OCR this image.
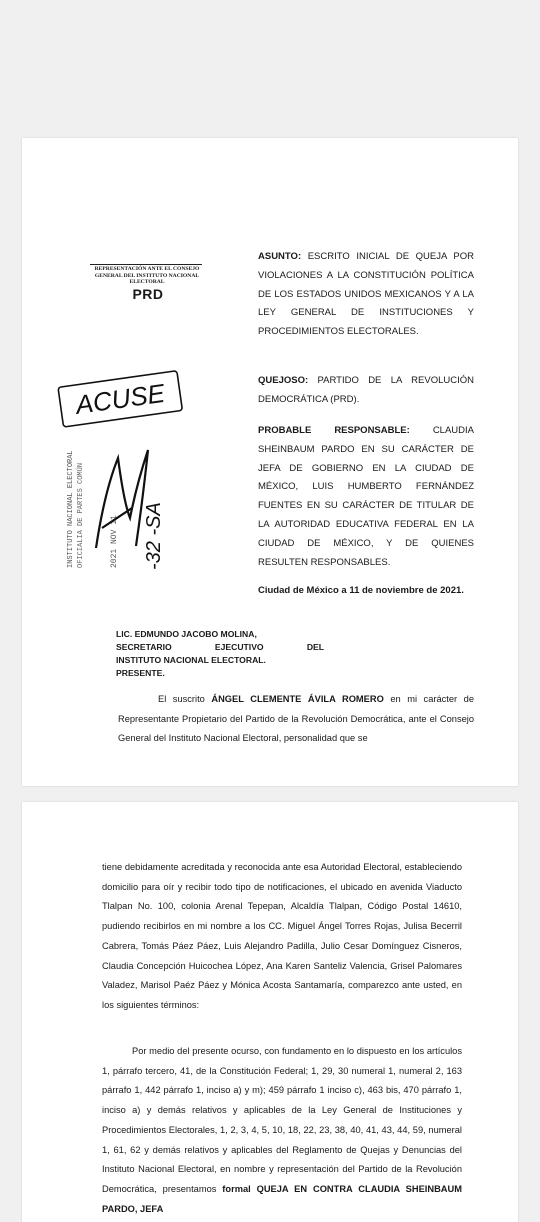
REPRESENTACIÓN ANTE EL CONSEJO GENERAL DEL INSTITUTO NACIONAL ELECTORAL
PRD
ACUSE
INSTITUTO NACIONAL ELECTORAL OFICIALIA DE PARTES COMÚN	2021 NOV 11 -32 -SA
ASUNTO: ESCRITO INICIAL DE QUEJA POR VIOLACIONES A LA CONSTITUCIÓN POLÍTICA DE LOS ESTADOS UNIDOS MEXICANOS Y A LA LEY GENERAL DE INSTITUCIONES Y PROCEDIMIENTOS ELECTORALES.
QUEJOSO: PARTIDO DE LA REVOLUCIÓN DEMOCRÁTICA (PRD).
PROBABLE RESPONSABLE: CLAUDIA SHEINBAUM PARDO EN SU CARÁCTER DE JEFA DE GOBIERNO EN LA CIUDAD DE MÉXICO, LUIS HUMBERTO FERNÁNDEZ FUENTES EN SU CARÁCTER DE TITULAR DE LA AUTORIDAD EDUCATIVA FEDERAL EN LA CIUDAD DE MÉXICO, Y DE QUIENES RESULTEN RESPONSABLES.
Ciudad de México a 11 de noviembre de 2021.
LIC. EDMUNDO JACOBO MOLINA,
SECRETARIO	EJECUTIVO	DEL
INSTITUTO NACIONAL ELECTORAL.
PRESENTE.
El suscrito ÁNGEL CLEMENTE ÁVILA ROMERO en mi carácter de Representante Propietario del Partido de la Revolución Democrática, ante el Consejo General del Instituto Nacional Electoral, personalidad que se
tiene debidamente acreditada y reconocida ante esa Autoridad Electoral, estableciendo domicilio para oír y recibir todo tipo de notificaciones, el ubicado en avenida Viaducto Tlalpan No. 100, colonia Arenal Tepepan, Alcaldía Tlalpan, Código Postal 14610, pudiendo recibirlos en mi nombre a los CC. Miguel Ángel Torres Rojas, Julisa Becerril Cabrera, Tomás Páez Páez, Luis Alejandro Padilla, Julio Cesar Domínguez Cisneros, Claudia Concepción Huicochea López, Ana Karen Santeliz Valencia, Grisel Palomares Valadez, Marisol Paéz Páez y Mónica Acosta Santamaría, comparezco ante usted, en los siguientes términos:
Por medio del presente ocurso, con fundamento en lo dispuesto en los artículos 1, párrafo tercero, 41, de la Constitución Federal; 1, 29, 30 numeral 1, numeral 2, 163 párrafo 1, 442 párrafo 1, inciso a) y m); 459 párrafo 1 inciso c), 463 bis, 470 párrafo 1, inciso a) y demás relativos y aplicables de la Ley General de Instituciones y Procedimientos Electorales, 1, 2, 3, 4, 5, 10, 18, 22, 23, 38, 40, 41, 43, 44, 59, numeral 1, 61, 62 y demás relativos y aplicables del Reglamento de Quejas y Denuncias del Instituto Nacional Electoral, en nombre y representación del Partido de la Revolución Democrática, presentamos formal QUEJA EN CONTRA CLAUDIA SHEINBAUM PARDO, JEFA
